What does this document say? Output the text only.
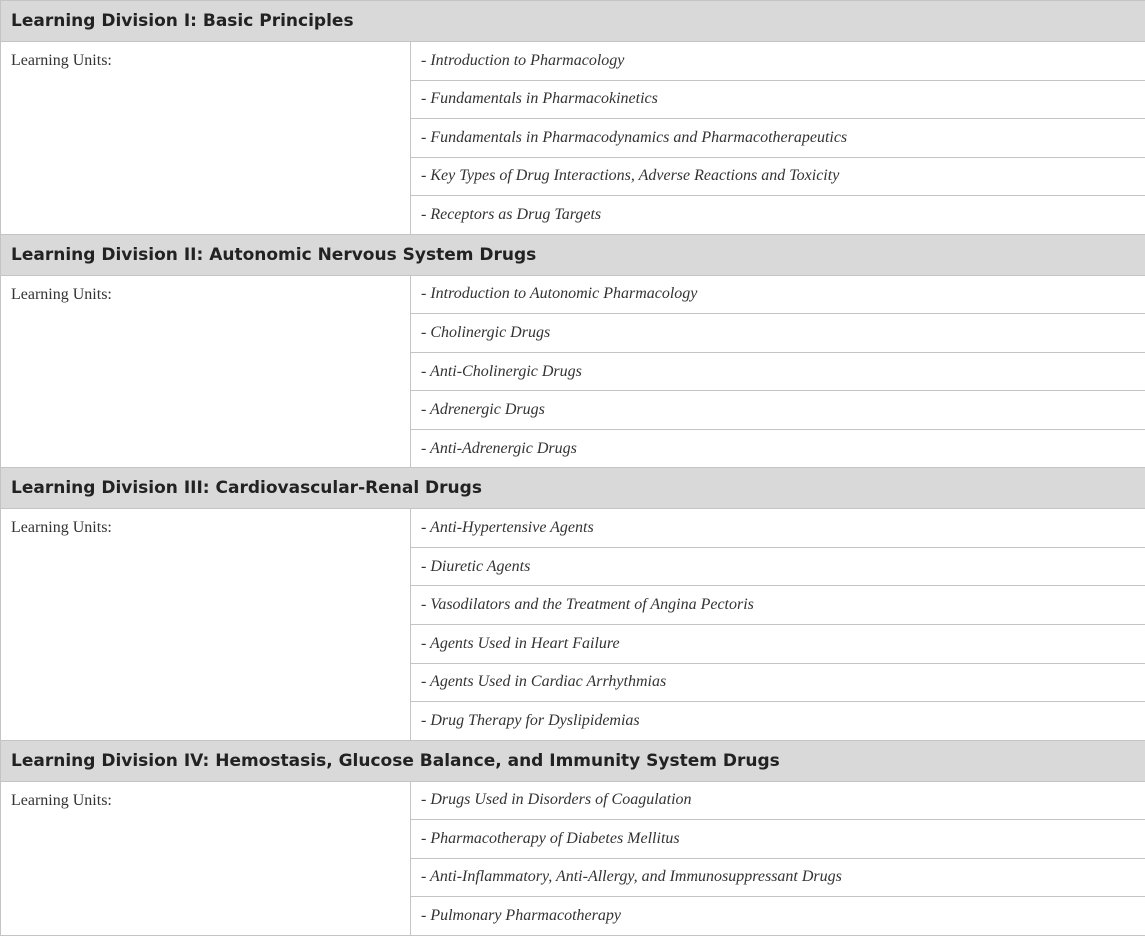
Learning Division I: Basic Principles	
Learning Units:	- Introduction to Pharmacology
	- Fundamentals in Pharmacokinetics
	- Fundamentals in Pharmacodynamics and Pharmacotherapeutics
	- Key Types of Drug Interactions, Adverse Reactions and Toxicity
	- Receptors as Drug Targets
Learning Division II: Autonomic Nervous System Drugs	
Learning Units:	- Introduction to Autonomic Pharmacology
	- Cholinergic Drugs
	- Anti-Cholinergic Drugs
	- Adrenergic Drugs
	- Anti-Adrenergic Drugs
Learning Division III: Cardiovascular-Renal Drugs	
Learning Units:	- Anti-Hypertensive Agents
	- Diuretic Agents
	- Vasodilators and the Treatment of Angina Pectoris
	- Agents Used in Heart Failure
	- Agents Used in Cardiac Arrhythmias
	- Drug Therapy for Dyslipidemias
Learning Division IV: Hemostasis, Glucose Balance, and Immunity System Drugs	
Learning Units:	- Drugs Used in Disorders of Coagulation
	- Pharmacotherapy of Diabetes Mellitus
	- Anti-Inflammatory, Anti-Allergy, and Immunosuppressant Drugs
	- Pulmonary Pharmacotherapy
